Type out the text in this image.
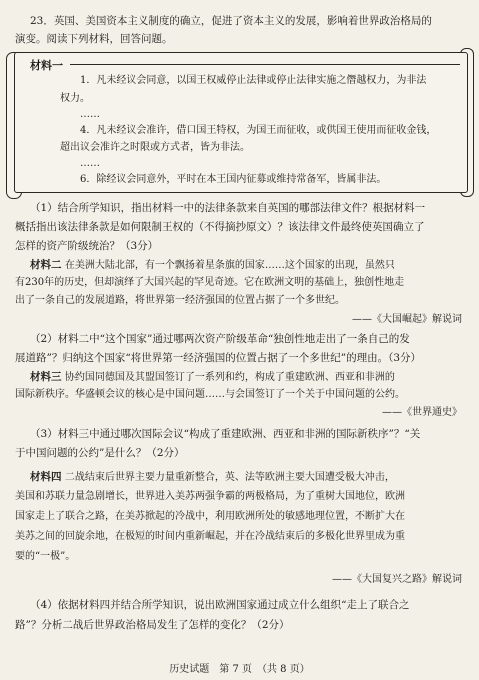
23．英国、美国资本主义制度的确立，促进了资本主义的发展，影响着世界政治格局的
演变。阅读下列材料，回答问题。
材料一
1．凡未经议会同意，以国王权威停止法律或停止法律实施之僭越权力，为非法
权力。
……
4．凡未经议会准许，借口国王特权，为国王而征收，或供国王使用而征收金钱，
超出议会准许之时限或方式者，皆为非法。
……
6．除经议会同意外，平时在本王国内征募或维持常备军，皆属非法。
（1）结合所学知识，指出材料一中的法律条款来自英国的哪部法律文件？根据材料一
概括指出该法律条款是如何限制王权的（不得摘抄原文）？该法律文件最终使英国确立了
怎样的资产阶级统治？（3分）
材料二 在美洲大陆北部，有一个飘扬着星条旗的国家……这个国家的出现，虽然只
有230年的历史，但却演绎了大国兴起的罕见奇迹。它在欧洲文明的基础上，独创性地走
出了一条自己的发展道路，将世界第一经济强国的位置占据了一个多世纪。
——《大国崛起》解说词
（2）材料二中“这个国家”通过哪两次资产阶级革命“独创性地走出了一条自己的发
展道路”？归纳这个国家“将世界第一经济强国的位置占据了一个多世纪”的理由。（3分）
材料三 协约国同德国及其盟国签订了一系列和约，构成了重建欧洲、西亚和非洲的
国际新秩序。华盛顿会议的核心是中国问题……与会国签订了一个关于中国问题的公约。
——《世界通史》
（3）材料三中通过哪次国际会议“构成了重建欧洲、西亚和非洲的国际新秩序”？“关
于中国问题的公约”是什么？（2分）
材料四 二战结束后世界主要力量重新整合，英、法等欧洲主要大国遭受极大冲击，
美国和苏联力量急剧增长，世界进入美苏两强争霸的两极格局，为了重树大国地位，欧洲
国家走上了联合之路，在美苏掀起的冷战中，利用欧洲所处的敏感地理位置，不断扩大在
美苏之间的回旋余地，在极短的时间内重新崛起，并在冷战结束后的多极化世界里成为重
要的“一极”。
——《大国复兴之路》解说词
（4）依据材料四并结合所学知识，说出欧洲国家通过成立什么组织“走上了联合之
路”？分析二战后世界政治格局发生了怎样的变化？（2分）
历史试题　第 7 页　（共 8 页）
